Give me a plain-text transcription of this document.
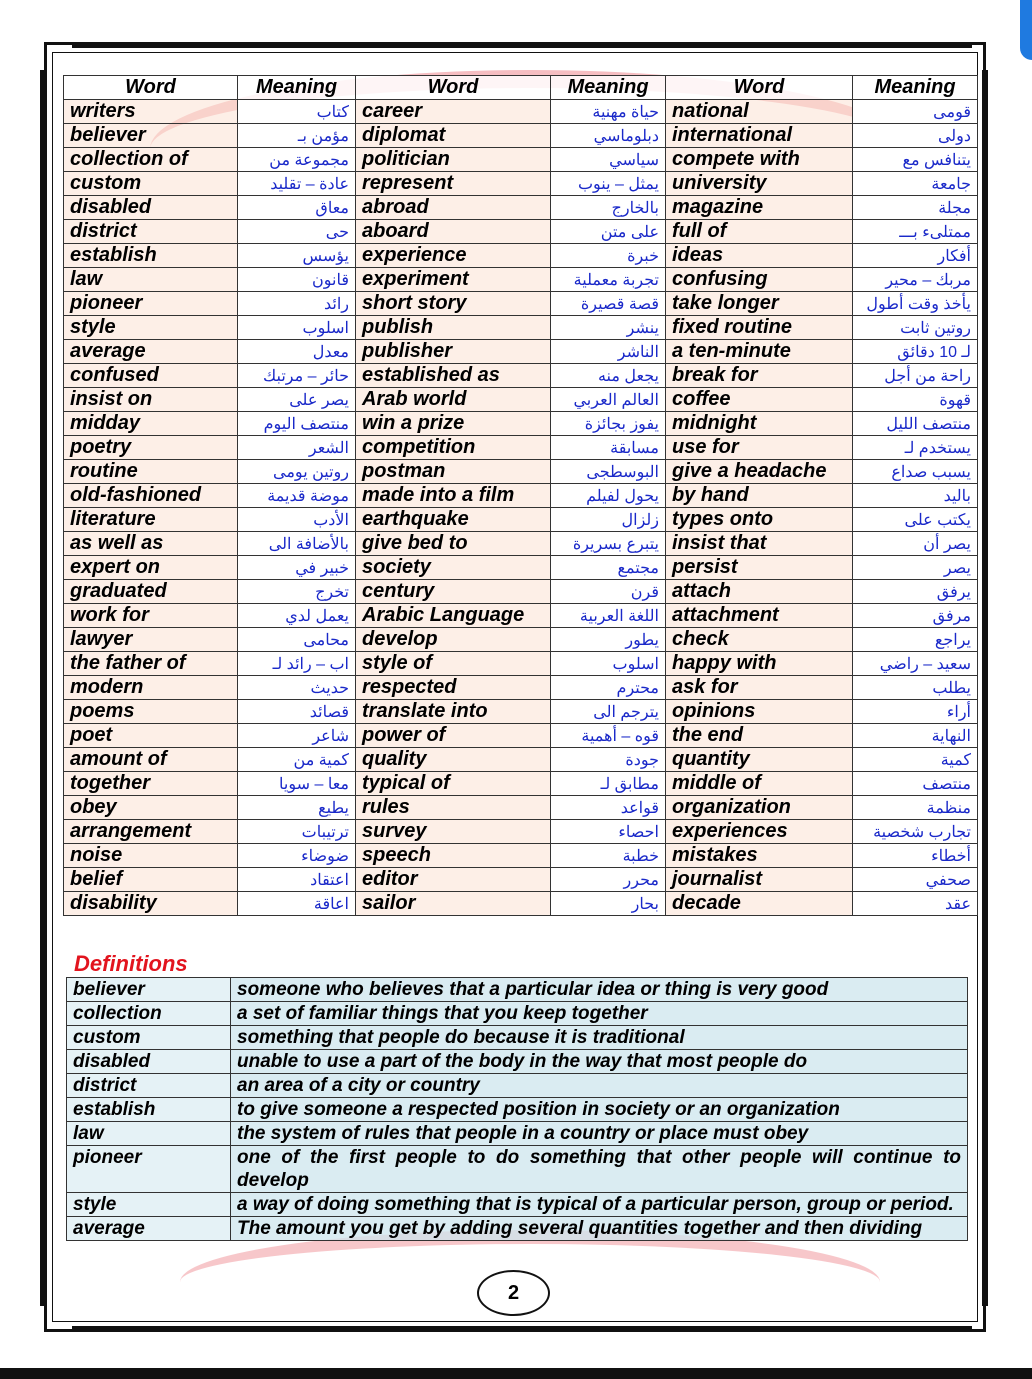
Word	Meaning	Word	Meaning	Word	Meaning
writers	كتاب	career	حياة مهنية	national	قومى
believer	مؤمن بـ	diplomat	دبلوماسي	international	دولى
collection of	مجموعة من	politician	سياسي	compete with	يتنافس مع
custom	عادة – تقليد	represent	يمثل – ينوب	university	جامعة
disabled	معاق	abroad	بالخارج	magazine	مجلة
district	حى	aboard	على متن	full of	ممتلىء بـــ
establish	يؤسس	experience	خبرة	ideas	أفكار
law	قانون	experiment	تجربة معملية	confusing	مربك – محير
pioneer	رائد	short story	قصة قصيرة	take longer	يأخذ وقت أطول
style	اسلوب	publish	ينشر	fixed routine	روتين ثابت
average	معدل	publisher	الناشر	a ten-minute	لـ 10 دقائق
confused	حائر – مرتبك	established as	يجعل منه	break for	راحة من أجل
insist on	يصر على	Arab world	العالم العربي	coffee	قهوة
midday	منتصف اليوم	win a prize	يفوز بجائزة	midnight	منتصف الليل
poetry	الشعر	competition	مسابقة	use for	يستخدم لـ
routine	روتين يومى	postman	البوسطجى	give a headache	يسبب صداع
old-fashioned	موضة قديمة	made into a film	يحول لفيلم	by hand	باليد
literature	الأدب	earthquake	زلزال	types onto	يكتب على
as well as	بالأضافة الى	give bed to	يتبرع بسريرة	insist that	يصر أن
expert on	خبير في	society	مجتمع	persist	يصر
graduated	تخرج	century	قرن	attach	يرفق
work for	يعمل لدي	Arabic Language	اللغة العربية	attachment	مرفق
lawyer	محامى	develop	يطور	check	يراجع
the father of	اب – رائد لـ	style of	اسلوب	happy with	سعيد – راضي
modern	حديث	respected	محترم	ask for	يطلب
poems	قصائد	translate into	يترجم الى	opinions	أراء
poet	شاعر	power of	قوه – أهمية	the end	النهاية
amount of	كمية من	quality	جودة	quantity	كمية
together	معا – سويا	typical of	مطابق لـ	middle of	منتصف
obey	يطيع	rules	قواعد	organization	منظمة
arrangement	ترتيبات	survey	احصاء	experiences	تجارب شخصية
noise	ضوضاء	speech	خطبة	mistakes	أخطاء
belief	اعتقاد	editor	محرر	journalist	صحفي
disability	اعاقة	sailor	بحار	decade	عقد
Definitions
believer	someone who believes that a particular idea or thing is very good
collection	a set of familiar things that you keep together
custom	something that people do because it is traditional
disabled	unable to use a part of the body in the way that most people do
district	an area of a city or country
establish	to give someone a respected position in society or an organization
law	the system of rules that people in a country or place must obey
pioneer	one of the first people to do something that other people will continue to develop
style	a way of doing something that is typical of a particular person, group or period.
average	The amount you get by adding several quantities together and then dividing
2
